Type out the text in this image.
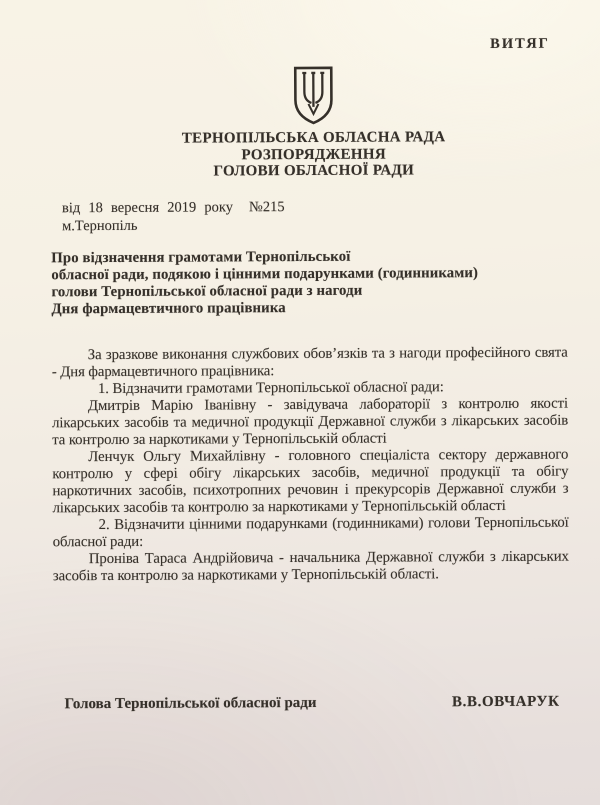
ВИТЯГ
ТЕРНОПІЛЬСЬКА ОБЛАСНА РАДА
РОЗПОРЯДЖЕННЯ
ГОЛОВИ ОБЛАСНОЇ РАДИ
від 18 вересня 2019 року №215
м.Тернопіль
Про відзначення грамотами Тернопільської
обласної ради, подякою і цінними подарунками (годинниками)
голови Тернопільської обласної ради з нагоди
Дня фармацевтичного працівника

За зразкове виконання службових обов’язків та з нагоди професійного свята - Дня фармацевтичного працівника:

1. Відзначити грамотами Тернопільської обласної ради:

Дмитрів Марію Іванівну - завідувача лабораторії з контролю якості лікарських засобів та медичної продукції Державної служби з лікарських засобів та контролю за наркотиками у Тернопільській області

Ленчук Ольгу Михайлівну - головного спеціаліста сектору державного контролю у сфері обігу лікарських засобів, медичної продукції та обігу наркотичних засобів, психотропних речовин і прекурсорів Державної служби з лікарських засобів та контролю за наркотиками у Тернопільській області

2. Відзначити цінними подарунками (годинниками) голови Тернопільської обласної ради:

Проніва Тараса Андрійовича - начальника Державної служби з лікарських засобів та контролю за наркотиками у Тернопільській області.

Голова Тернопільської обласної ради	В.В.ОВЧАРУК
